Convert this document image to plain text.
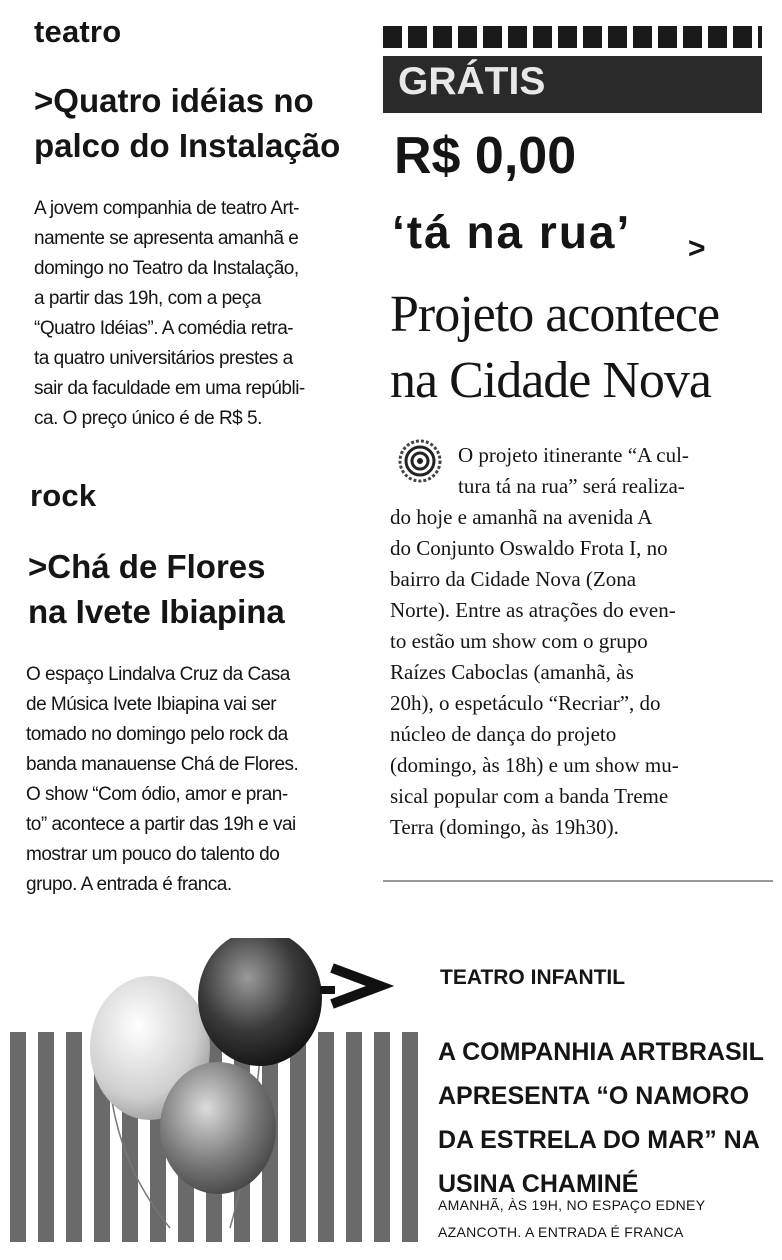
teatro
>Quatro idéias no
palco do Instalação
A jovem companhia de teatro Art-
namente se apresenta amanhã e
domingo no Teatro da Instalação,
a partir das 19h, com a peça
“Quatro Idéias”. A comédia retra-
ta quatro universitários prestes a
sair da faculdade em uma repúbli-
ca. O preço único é de R$ 5.
rock
>Chá de Flores
na Ivete Ibiapina
O espaço Lindalva Cruz da Casa
de Música Ivete Ibiapina vai ser
tomado no domingo pelo rock da
banda manauense Chá de Flores.
O show “Com ódio, amor e pran-
to” acontece a partir das 19h e vai
mostrar um pouco do talento do
grupo. A entrada é franca.
GRÁTIS
R$ 0,00
‘tá na rua’ >
Projeto acontece
na Cidade Nova
O projeto itinerante “A cul-
tura tá na rua” será realiza-
do hoje e amanhã na avenida A
do Conjunto Oswaldo Frota I, no
bairro da Cidade Nova (Zona
Norte). Entre as atrações do even-
to estão um show com o grupo
Raízes Caboclas (amanhã, às
20h), o espetáculo “Recriar”, do
núcleo de dança do projeto
(domingo, às 18h) e um show mu-
sical popular com a banda Treme
Terra (domingo, às 19h30).
TEATRO INFANTIL
A COMPANHIA ARTBRASIL
APRESENTA “O NAMORO
DA ESTRELA DO MAR” NA
USINA CHAMINÉ
AMANHÃ, ÀS 19H, NO ESPAÇO EDNEY
AZANCOTH. A ENTRADA É FRANCA
